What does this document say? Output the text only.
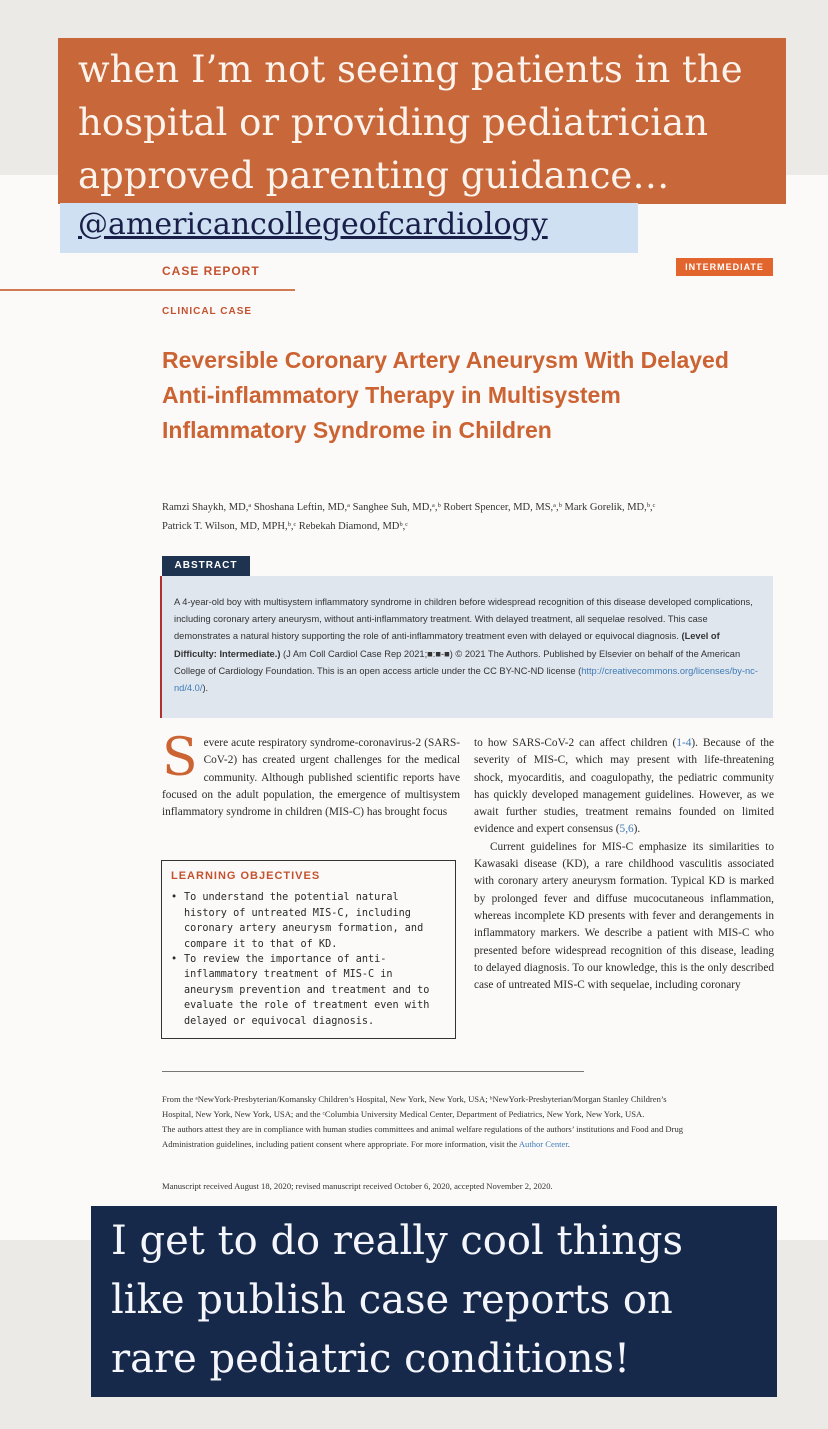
CASE REPORT	INTERMEDIATE
CLINICAL CASE
Reversible Coronary Artery Aneurysm With Delayed Anti-inflammatory Therapy in Multisystem Inflammatory Syndrome in Children
Ramzi Shaykh, MD,ᵃ Shoshana Leftin, MD,ᵃ Sanghee Suh, MD,ᵃ,ᵇ Robert Spencer, MD, MS,ᵃ,ᵇ Mark Gorelik, MD,ᵇ,ᶜ
Patrick T. Wilson, MD, MPH,ᵇ,ᶜ Rebekah Diamond, MDᵇ,ᶜ
ABSTRACT
A 4-year-old boy with multisystem inflammatory syndrome in children before widespread recognition of this disease developed complications, including coronary artery aneurysm, without anti-inflammatory treatment. With delayed treatment, all sequelae resolved. This case demonstrates a natural history supporting the role of anti-inflammatory treatment even with delayed or equivocal diagnosis. (Level of Difficulty: Intermediate.) (J Am Coll Cardiol Case Rep 2021;■:■-■) © 2021 The Authors. Published by Elsevier on behalf of the American College of Cardiology Foundation. This is an open access article under the CC BY-NC-ND license (http://creativecommons.org/licenses/by-nc-nd/4.0/).
Severe acute respiratory syndrome-coronavirus-2 (SARS-CoV-2) has created urgent challenges for the medical community. Although published scientific reports have focused on the adult population, the emergence of multisystem inflammatory syndrome in children (MIS-C) has brought focus
LEARNING OBJECTIVES
• To understand the potential natural history of untreated MIS-C, including coronary artery aneurysm formation, and compare it to that of KD.
• To review the importance of anti-inflammatory treatment of MIS-C in aneurysm prevention and treatment and to evaluate the role of treatment even with delayed or equivocal diagnosis.
to how SARS-CoV-2 can affect children (1-4). Because of the severity of MIS-C, which may present with life-threatening shock, myocarditis, and coagulopathy, the pediatric community has quickly developed management guidelines. However, as we await further studies, treatment remains founded on limited evidence and expert consensus (5,6).
Current guidelines for MIS-C emphasize its similarities to Kawasaki disease (KD), a rare childhood vasculitis associated with coronary artery aneurysm formation. Typical KD is marked by prolonged fever and diffuse mucocutaneous inflammation, whereas incomplete KD presents with fever and derangements in inflammatory markers. We describe a patient with MIS-C who presented before widespread recognition of this disease, leading to delayed diagnosis. To our knowledge, this is the only described case of untreated MIS-C with sequelae, including coronary
From the ᵃNewYork-Presbyterian/Komansky Children’s Hospital, New York, New York, USA; ᵇNewYork-Presbyterian/Morgan Stanley Children’s Hospital, New York, New York, USA; and the ᶜColumbia University Medical Center, Department of Pediatrics, New York, New York, USA.
The authors attest they are in compliance with human studies committees and animal welfare regulations of the authors’ institutions and Food and Drug Administration guidelines, including patient consent where appropriate. For more information, visit the Author Center.
Manuscript received August 18, 2020; revised manuscript received October 6, 2020, accepted November 2, 2020.
when I’m not seeing patients in the hospital or providing pediatrician approved parenting guidance…
@americancollegeofcardiology
I get to do really cool things like publish case reports on rare pediatric conditions!
